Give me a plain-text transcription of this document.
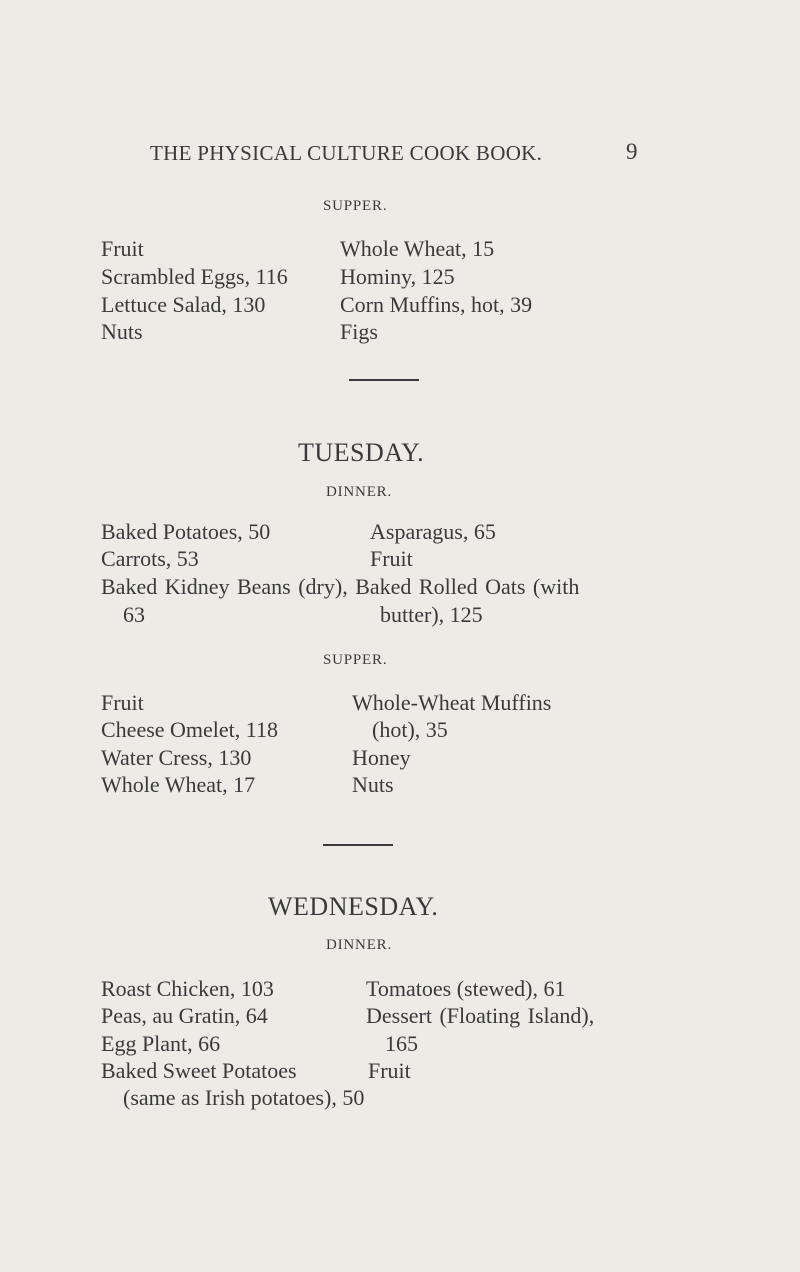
THE PHYSICAL CULTURE COOK BOOK.	9
SUPPER.
Fruit
Scrambled Eggs, 116
Lettuce Salad, 130
Nuts
Whole Wheat, 15
Hominy, 125
Corn Muffins, hot, 39
Figs
TUESDAY.
DINNER.
Baked Potatoes, 50
Carrots, 53
Asparagus, 65
Fruit
Baked Kidney Beans (dry), Baked Rolled Oats (with
63	butter), 125
SUPPER.
Fruit
Cheese Omelet, 118
Water Cress, 130
Whole Wheat, 17
Whole-Wheat Muffins
(hot), 35
Honey
Nuts
WEDNESDAY.
DINNER.
Roast Chicken, 103
Peas, au Gratin, 64
Egg Plant, 66
Baked Sweet Potatoes
Tomatoes (stewed), 61
Dessert (Floating Island),
165
Fruit
(same as Irish potatoes), 50
